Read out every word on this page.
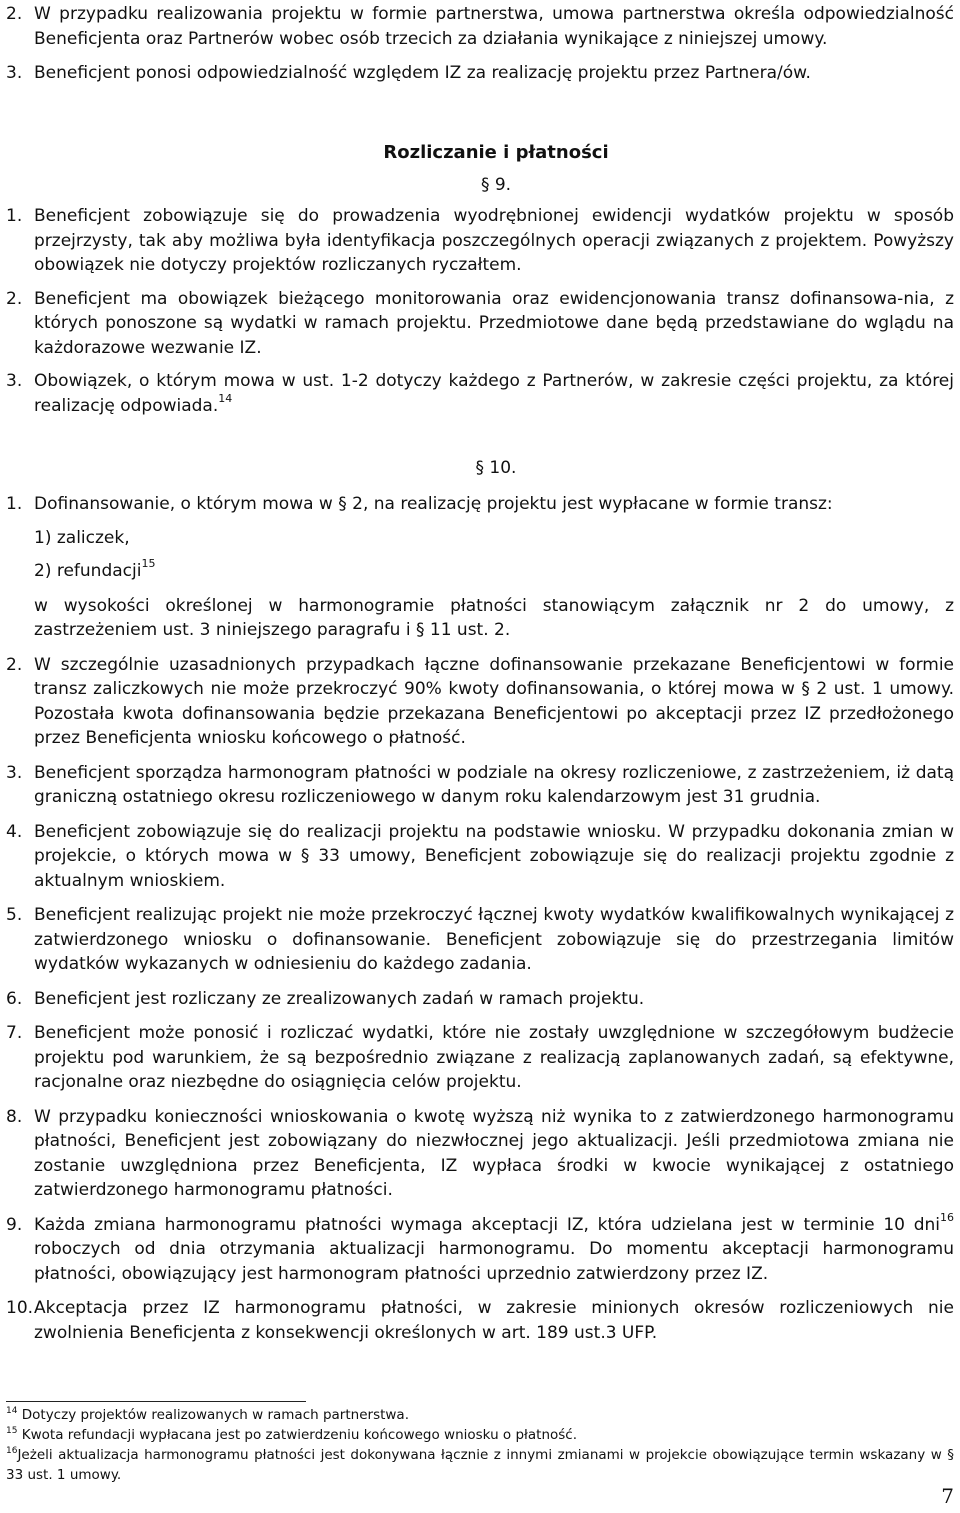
2. W przypadku realizowania projektu w formie partnerstwa, umowa partnerstwa określa odpowiedzialność Beneficjenta oraz Partnerów wobec osób trzecich za działania wynikające z niniejszej umowy.
3. Beneficjent ponosi odpowiedzialność względem IZ za realizację projektu przez Partnera/ów.
Rozliczanie i płatności
§ 9.
1. Beneficjent zobowiązuje się do prowadzenia wyodrębnionej ewidencji wydatków projektu w sposób przejrzysty, tak aby możliwa była identyfikacja poszczególnych operacji związanych z projektem. Powyższy obowiązek nie dotyczy projektów rozliczanych ryczałtem.
2. Beneficjent ma obowiązek bieżącego monitorowania oraz ewidencjonowania transz dofinansowa-nia, z których ponoszone są wydatki w ramach projektu. Przedmiotowe dane będą przedstawiane do wglądu na każdorazowe wezwanie IZ.
3. Obowiązek, o którym mowa w ust. 1-2 dotyczy każdego z Partnerów, w zakresie części projektu, za której realizację odpowiada.$^{14}$
§ 10.
1. Dofinansowanie, o którym mowa w § 2, na realizację projektu jest wypłacane w formie transz:
1) zaliczek,
2) refundacji$^{15}$
w wysokości określonej w harmonogramie płatności stanowiącym załącznik nr 2 do umowy, z zastrzeżeniem ust. 3 niniejszego paragrafu i § 11 ust. 2.
2. W szczególnie uzasadnionych przypadkach łączne dofinansowanie przekazane Beneficjentowi w formie transz zaliczkowych nie może przekroczyć 90% kwoty dofinansowania, o której mowa w § 2 ust. 1 umowy. Pozostała kwota dofinansowania będzie przekazana Beneficjentowi po akceptacji przez IZ przedłożonego przez Beneficjenta wniosku końcowego o płatność.
3. Beneficjent sporządza harmonogram płatności w podziale na okresy rozliczeniowe, z zastrzeżeniem, iż datą graniczną ostatniego okresu rozliczeniowego w danym roku kalendarzowym jest 31 grudnia.
4. Beneficjent zobowiązuje się do realizacji projektu na podstawie wniosku. W przypadku dokonania zmian w projekcie, o których mowa w § 33 umowy, Beneficjent zobowiązuje się do realizacji projektu zgodnie z aktualnym wnioskiem.
5. Beneficjent realizując projekt nie może przekroczyć łącznej kwoty wydatków kwalifikowalnych wynikającej z zatwierdzonego wniosku o dofinansowanie. Beneficjent zobowiązuje się do przestrzegania limitów wydatków wykazanych w odniesieniu do każdego zadania.
6. Beneficjent jest rozliczany ze zrealizowanych zadań w ramach projektu.
7. Beneficjent może ponosić i rozliczać wydatki, które nie zostały uwzględnione w szczegółowym budżecie projektu pod warunkiem, że są bezpośrednio związane z realizacją zaplanowanych zadań, są efektywne, racjonalne oraz niezbędne do osiągnięcia celów projektu.
8. W przypadku konieczności wnioskowania o kwotę wyższą niż wynika to z zatwierdzonego harmonogramu płatności, Beneficjent jest zobowiązany do niezwłocznej jego aktualizacji. Jeśli przedmiotowa zmiana nie zostanie uwzględniona przez Beneficjenta, IZ wypłaca środki w kwocie wynikającej z ostatniego zatwierdzonego harmonogramu płatności.
9. Każda zmiana harmonogramu płatności wymaga akceptacji IZ, która udzielana jest w terminie 10 dni$^{16}$ roboczych od dnia otrzymania aktualizacji harmonogramu. Do momentu akceptacji harmonogramu płatności, obowiązujący jest harmonogram płatności uprzednio zatwierdzony przez IZ.
10. Akceptacja przez IZ harmonogramu płatności, w zakresie minionych okresów rozliczeniowych nie zwolnienia Beneficjenta z konsekwencji określonych w art. 189 ust.3 UFP.
$^{14}$ Dotyczy projektów realizowanych w ramach partnerstwa.
$^{15}$ Kwota refundacji wypłacana jest po zatwierdzeniu końcowego wniosku o płatność.
$^{16}$Jeżeli aktualizacja harmonogramu płatności jest dokonywana łącznie z innymi zmianami w projekcie obowiązujące termin wskazany w § 33 ust. 1 umowy.
7
